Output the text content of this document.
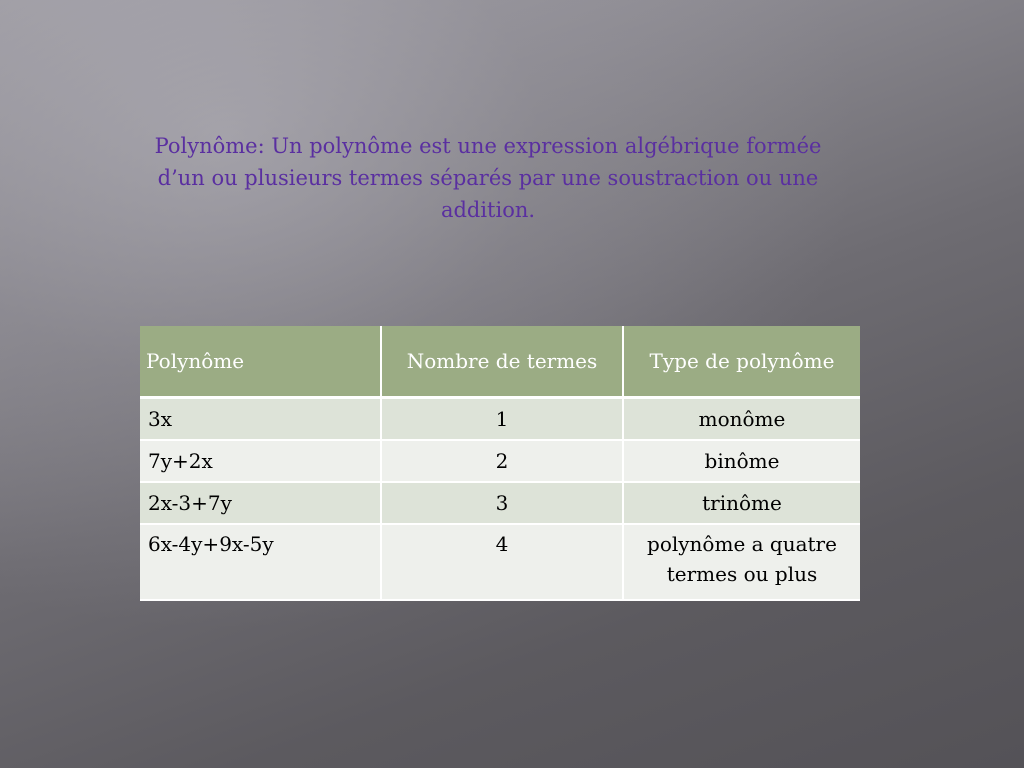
Polynôme: Un polynôme est une expression algébrique formée d’un ou plusieurs termes séparés par une soustraction ou une addition.

Polynôme	Nombre de termes	Type de polynôme
3x	1	monôme
7y+2x	2	binôme
2x-3+7y	3	trinôme
6x-4y+9x-5y	4	polynôme a quatre termes ou plus
